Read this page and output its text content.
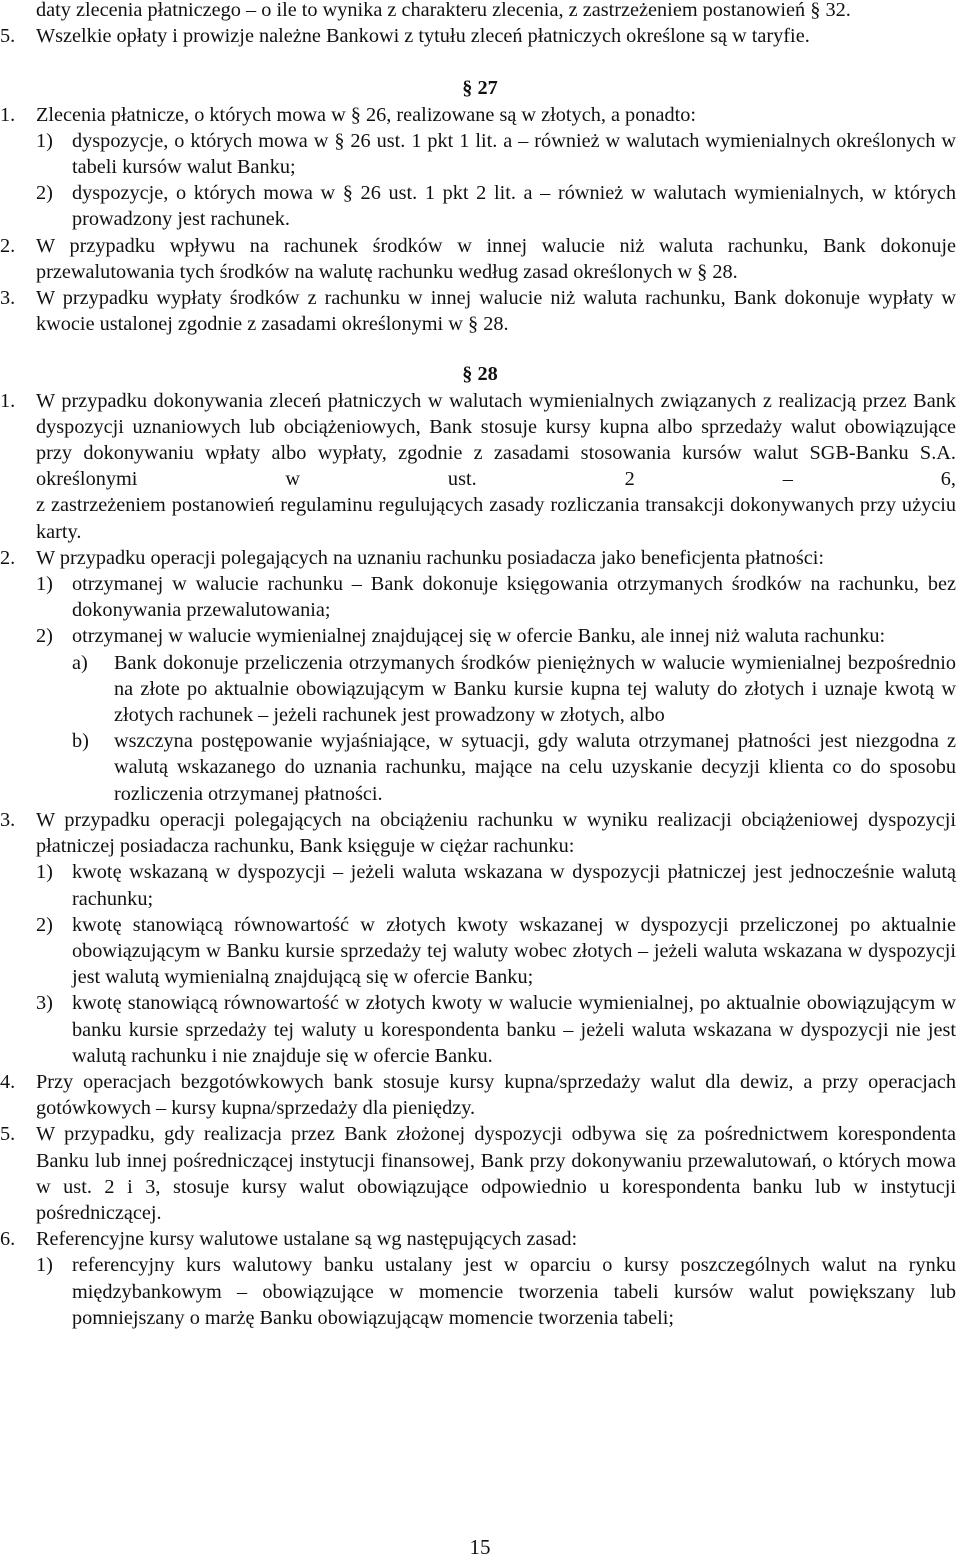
daty zlecenia płatniczego – o ile to wynika z charakteru zlecenia, z zastrzeżeniem postanowień § 32.
5. Wszelkie opłaty i prowizje należne Bankowi z tytułu zleceń płatniczych określone są w taryfie.
§ 27
1. Zlecenia płatnicze, o których mowa w § 26, realizowane są w złotych, a ponadto:
1) dyspozycje, o których mowa w § 26 ust. 1 pkt 1 lit. a – również w walutach wymienialnych określonych w tabeli kursów walut Banku;
2) dyspozycje, o których mowa w § 26 ust. 1 pkt 2 lit. a – również w walutach wymienialnych, w których prowadzony jest rachunek.
2. W przypadku wpływu na rachunek środków w innej walucie niż waluta rachunku, Bank dokonuje przewalutowania tych środków na walutę rachunku według zasad określonych w § 28.
3. W przypadku wypłaty środków z rachunku w innej walucie niż waluta rachunku, Bank dokonuje wypłaty w kwocie ustalonej zgodnie z zasadami określonymi w § 28.
§ 28
1. W przypadku dokonywania zleceń płatniczych w walutach wymienialnych związanych z realizacją przez Bank dyspozycji uznaniowych lub obciążeniowych, Bank stosuje kursy kupna albo sprzedaży walut obowiązujące przy dokonywaniu wpłaty albo wypłaty, zgodnie z zasadami stosowania kursów walut SGB-Banku S.A. określonymi w ust. 2 – 6,
z zastrzeżeniem postanowień regulaminu regulujących zasady rozliczania transakcji dokonywanych przy użyciu karty.
2. W przypadku operacji polegających na uznaniu rachunku posiadacza jako beneficjenta płatności:
1) otrzymanej w walucie rachunku – Bank dokonuje księgowania otrzymanych środków na rachunku, bez dokonywania przewalutowania;
2) otrzymanej w walucie wymienialnej znajdującej się w ofercie Banku, ale innej niż waluta rachunku:
a) Bank dokonuje przeliczenia otrzymanych środków pieniężnych w walucie wymienialnej bezpośrednio na złote po aktualnie obowiązującym w Banku kursie kupna tej waluty do złotych i uznaje kwotą w złotych rachunek – jeżeli rachunek jest prowadzony w złotych, albo
b) wszczyna postępowanie wyjaśniające, w sytuacji, gdy waluta otrzymanej płatności jest niezgodna z walutą wskazanego do uznania rachunku, mające na celu uzyskanie decyzji klienta co do sposobu rozliczenia otrzymanej płatności.
3. W przypadku operacji polegających na obciążeniu rachunku w wyniku realizacji obciążeniowej dyspozycji płatniczej posiadacza rachunku, Bank księguje w ciężar rachunku:
1) kwotę wskazaną w dyspozycji – jeżeli waluta wskazana w dyspozycji płatniczej jest jednocześnie walutą rachunku;
2) kwotę stanowiącą równowartość w złotych kwoty wskazanej w dyspozycji przeliczonej po aktualnie obowiązującym w Banku kursie sprzedaży tej waluty wobec złotych – jeżeli waluta wskazana w dyspozycji jest walutą wymienialną znajdującą się w ofercie Banku;
3) kwotę stanowiącą równowartość w złotych kwoty w walucie wymienialnej, po aktualnie obowiązującym w banku kursie sprzedaży tej waluty u korespondenta banku – jeżeli waluta wskazana w dyspozycji nie jest walutą rachunku i nie znajduje się w ofercie Banku.
4. Przy operacjach bezgotówkowych bank stosuje kursy kupna/sprzedaży walut dla dewiz, a przy operacjach gotówkowych – kursy kupna/sprzedaży dla pieniędzy.
5. W przypadku, gdy realizacja przez Bank złożonej dyspozycji odbywa się za pośrednictwem korespondenta Banku lub innej pośredniczącej instytucji finansowej, Bank przy dokonywaniu przewalutowań, o których mowa w ust. 2 i 3, stosuje kursy walut obowiązujące odpowiednio u korespondenta banku lub w instytucji pośredniczącej.
6. Referencyjne kursy walutowe ustalane są wg następujących zasad:
1) referencyjny kurs walutowy banku ustalany jest w oparciu o kursy poszczególnych walut na rynku międzybankowym – obowiązujące w momencie tworzenia tabeli kursów walut powiększany lub pomniejszany o marżę Banku obowiązującąw momencie tworzenia tabeli;
15
